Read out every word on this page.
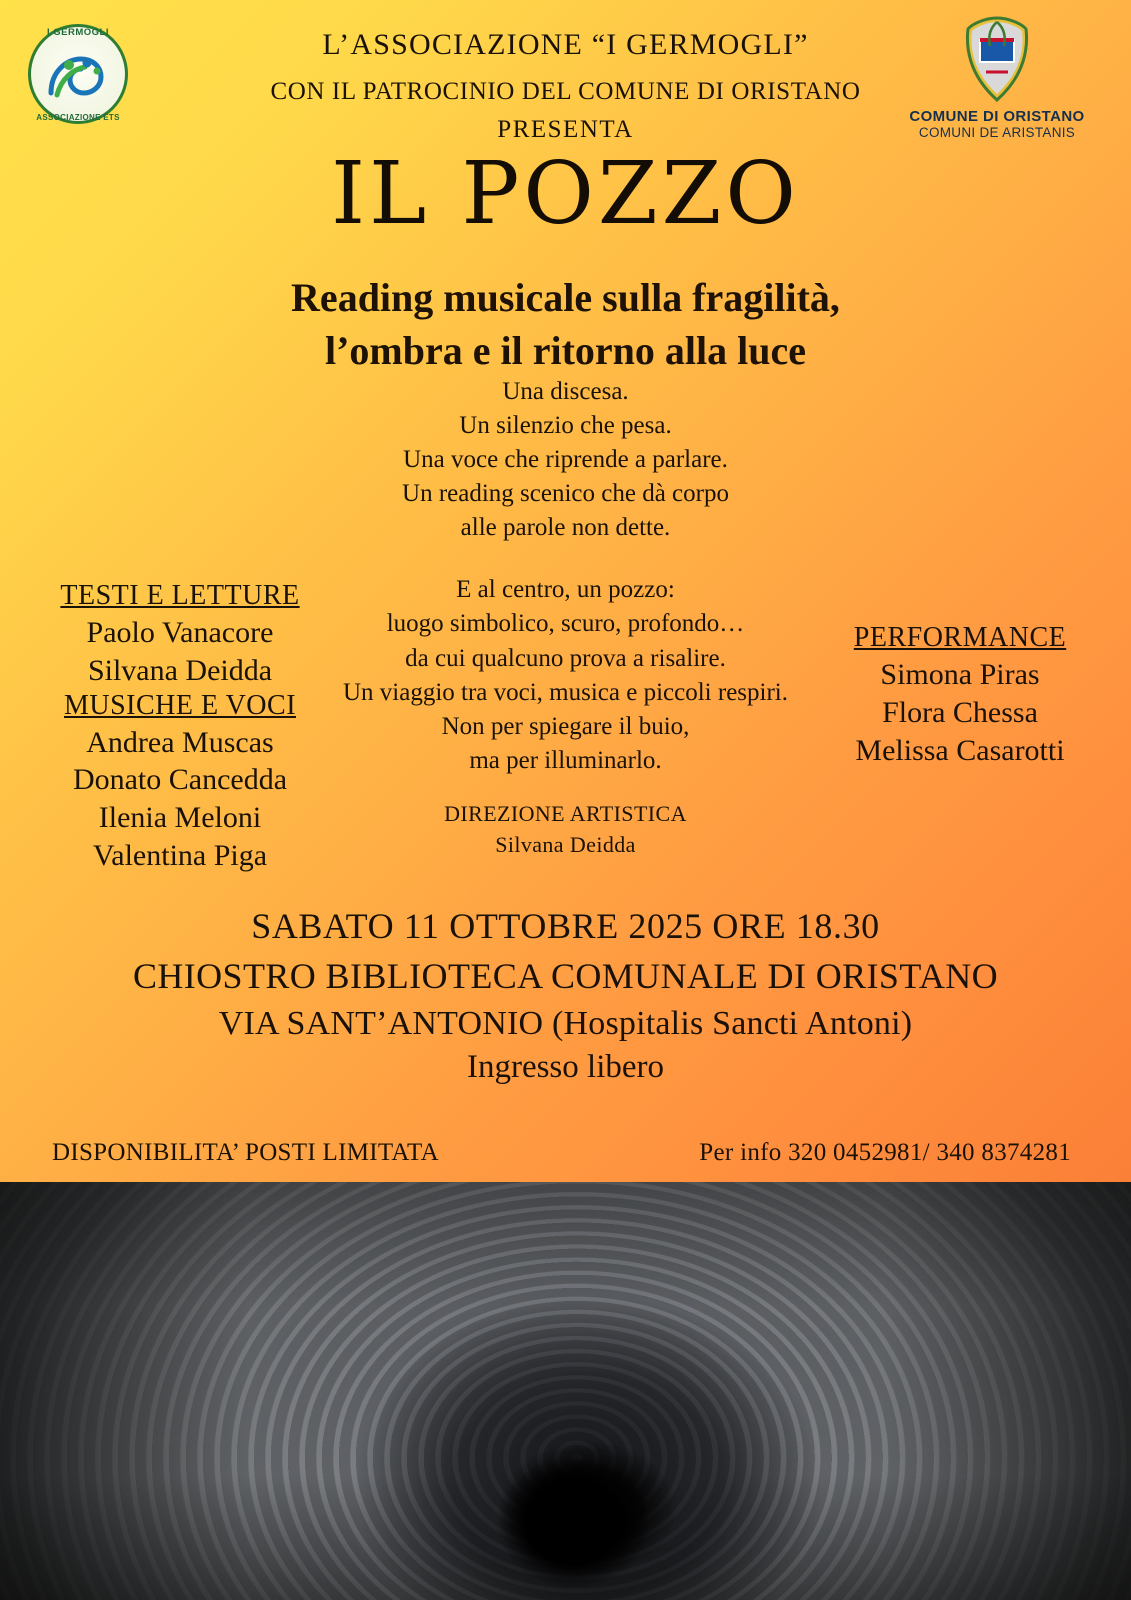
I GERMOGLI
ASSOCIAZIONE ETS	COMUNE DI ORISTANO
COMUNI DE ARISTANIS
L’ASSOCIAZIONE “I GERMOGLI”
CON IL PATROCINIO DEL COMUNE DI ORISTANO
PRESENTA
IL POZZO
Reading musicale sulla fragilità,
l’ombra e il ritorno alla luce
Una discesa.
Un silenzio che pesa.
Una voce che riprende a parlare.
Un reading scenico che dà corpo
alle parole non dette.
E al centro, un pozzo:
luogo simbolico, scuro, profondo…
da cui qualcuno prova a risalire.
Un viaggio tra voci, musica e piccoli respiri.
Non per spiegare il buio,
ma per illuminarlo.
DIREZIONE ARTISTICA
Silvana Deidda
TESTI E LETTURE
Paolo Vanacore
Silvana Deidda
MUSICHE E VOCI
Andrea Muscas
Donato Cancedda
Ilenia Meloni
Valentina Piga
PERFORMANCE
Simona Piras
Flora Chessa
Melissa Casarotti
SABATO 11 OTTOBRE 2025 ORE 18.30
CHIOSTRO BIBLIOTECA COMUNALE DI ORISTANO
VIA SANT’ANTONIO (Hospitalis Sancti Antoni)
Ingresso libero
DISPONIBILITA’ POSTI LIMITATA	Per info 320 0452981/ 340 8374281
